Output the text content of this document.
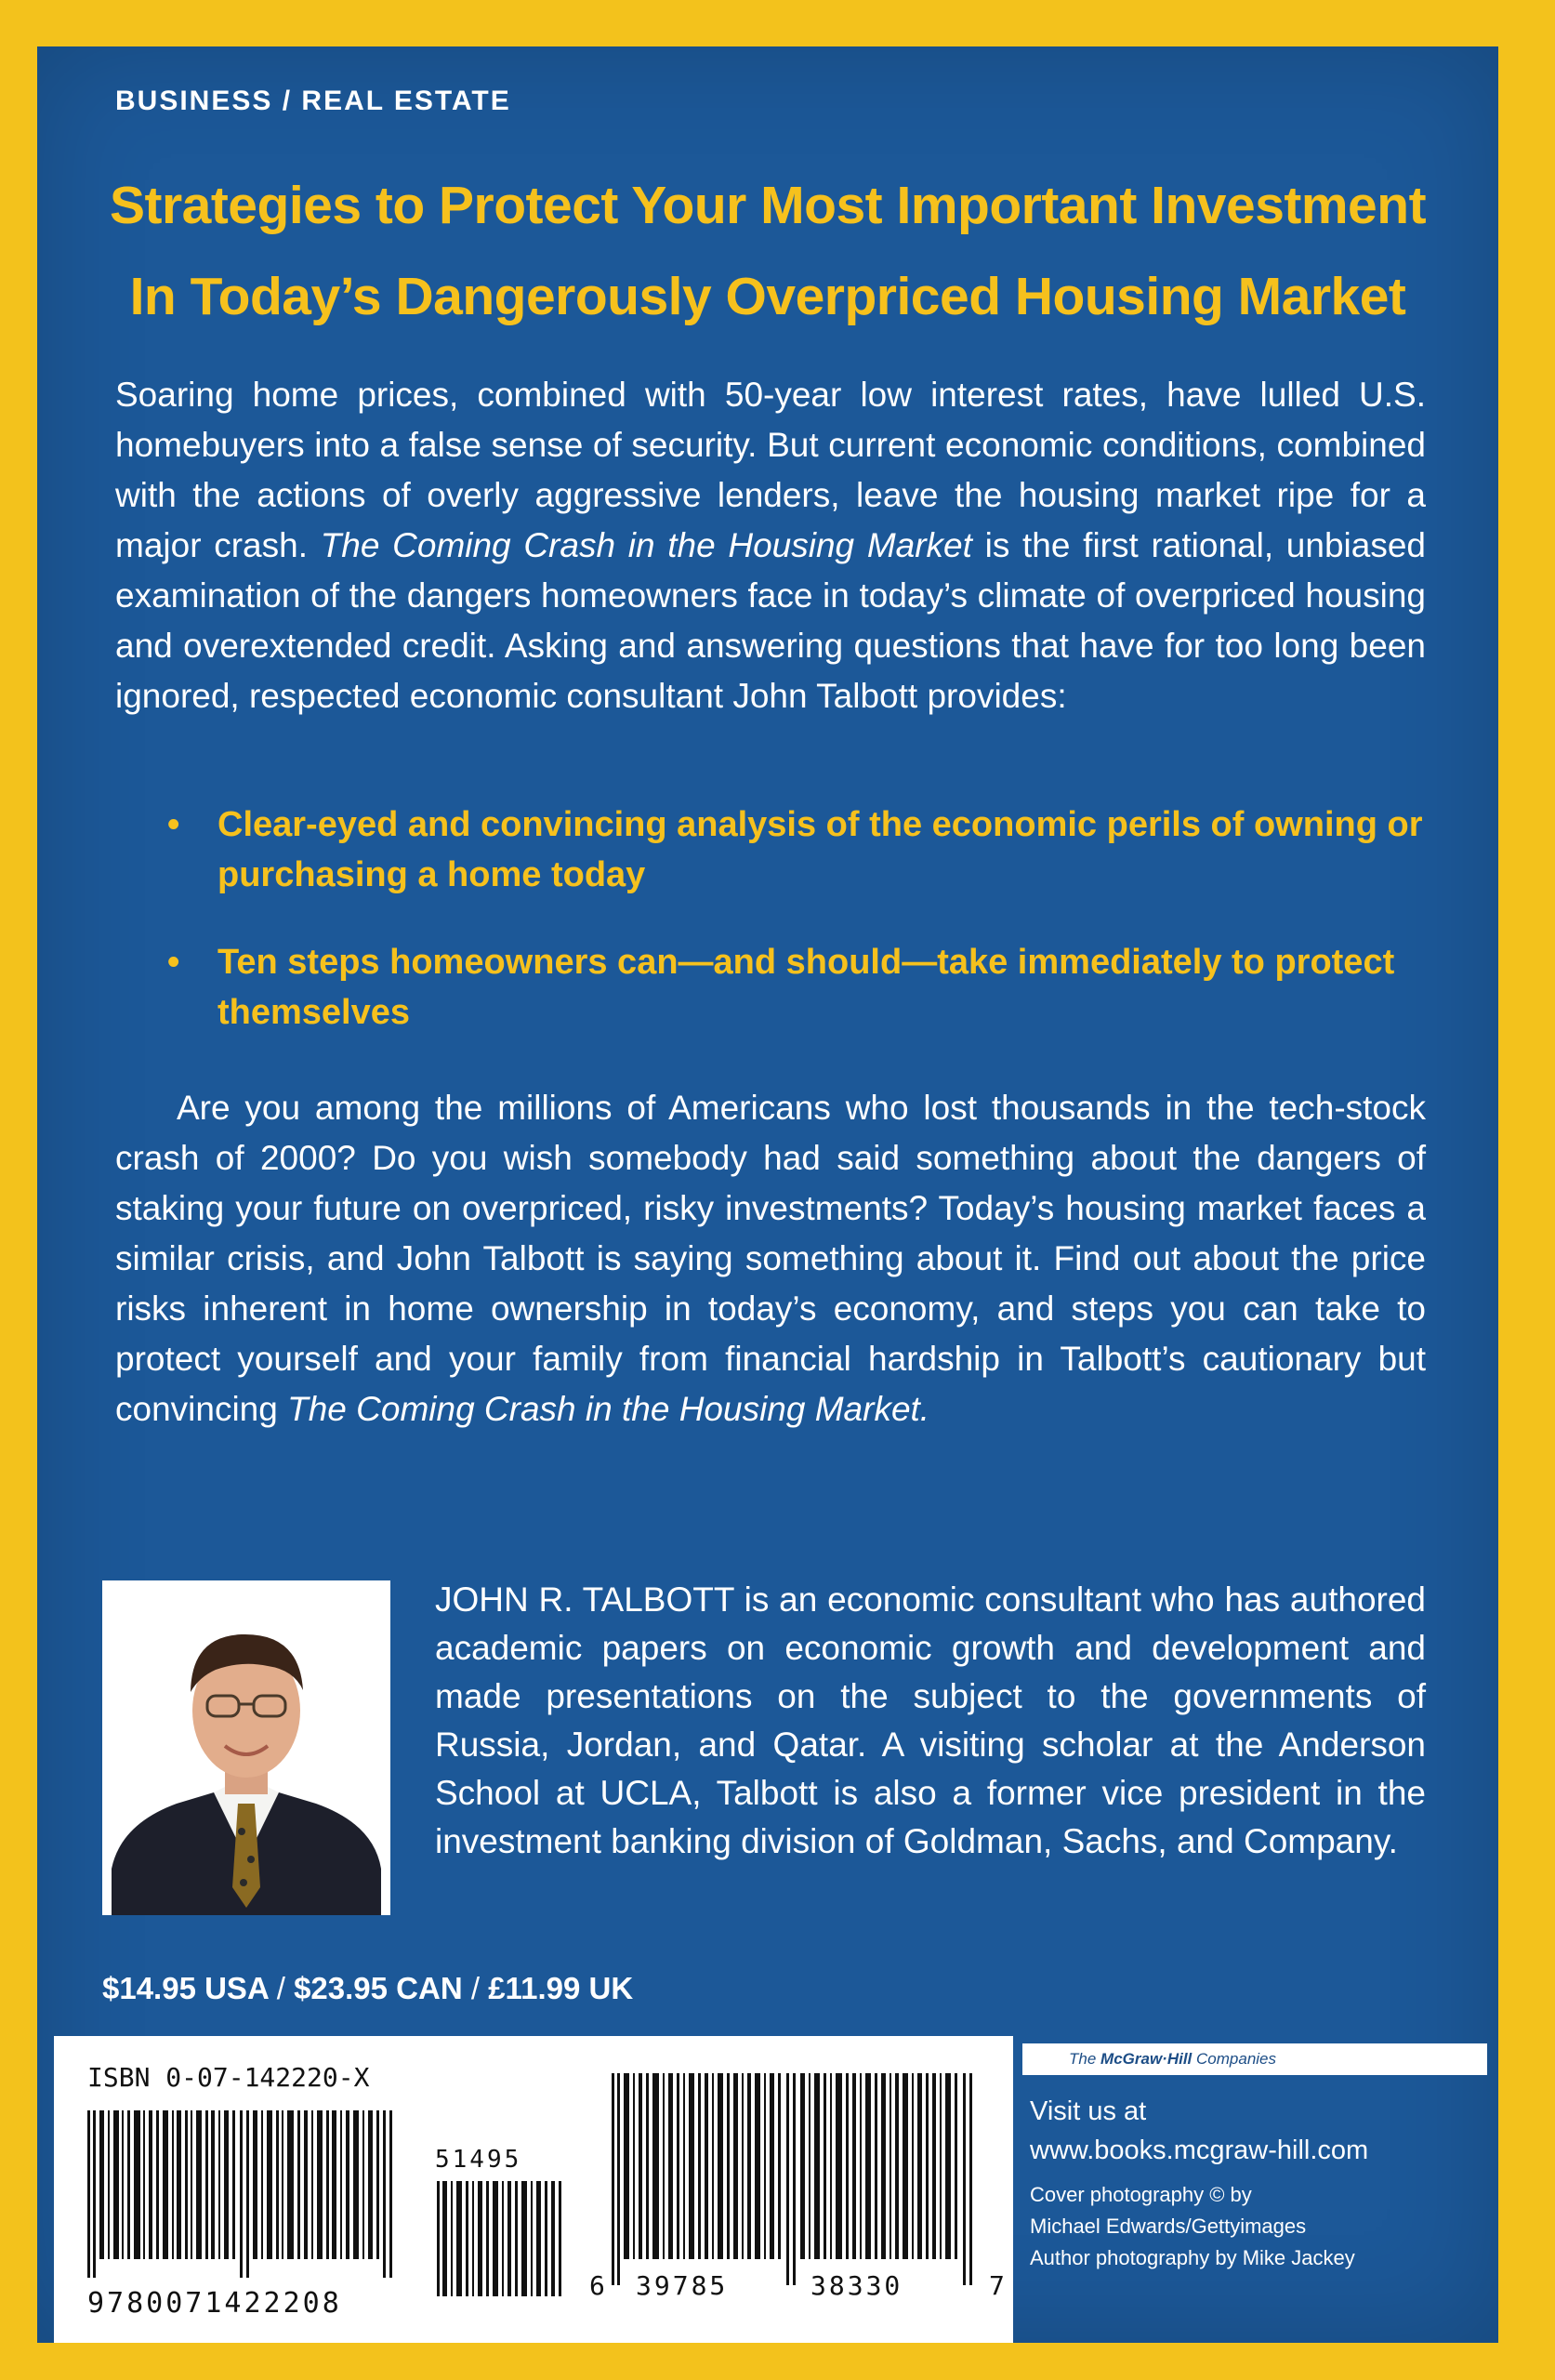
BUSINESS / REAL ESTATE
Strategies to Protect Your Most Important Investment
In Today’s Dangerously Overpriced Housing Market

Soaring home prices, combined with 50-year low interest rates, have lulled U.S. homebuyers into a false sense of security. But current economic conditions, combined with the actions of overly aggressive lenders, leave the housing market ripe for a major crash. The Coming Crash in the Housing Market is the first rational, unbiased examination of the dangers homeowners face in today’s climate of overpriced housing and overextended credit. Asking and answering questions that have for too long been ignored, respected economic consultant John Talbott provides:

• Clear-eyed and convincing analysis of the economic perils of owning or purchasing a home today
• Ten steps homeowners can—and should—take immediately to protect themselves

Are you among the millions of Americans who lost thousands in the tech-stock crash of 2000? Do you wish somebody had said something about the dangers of staking your future on overpriced, risky investments? Today’s housing market faces a similar crisis, and John Talbott is saying something about it. Find out about the price risks inherent in home ownership in today’s economy, and steps you can take to protect yourself and your family from financial hardship in Talbott’s cautionary but convincing The Coming Crash in the Housing Market.

JOHN R. TALBOTT is an economic consultant who has authored academic papers on economic growth and development and made presentations on the subject to the governments of Russia, Jordan, and Qatar. A visiting scholar at the Anderson School at UCLA, Talbott is also a former vice president in the investment banking division of Goldman, Sachs, and Company.

$14.95 USA / $23.95 CAN / £11.99 UK
ISBN 0-07-142220-X
51495
9780071422208
6 39785	38330	7
The McGraw·Hill Companies

Visit us at

www.books.mcgraw-hill.com

Cover photography © by

Michael Edwards/Gettyimages

Author photography by Mike Jackey
